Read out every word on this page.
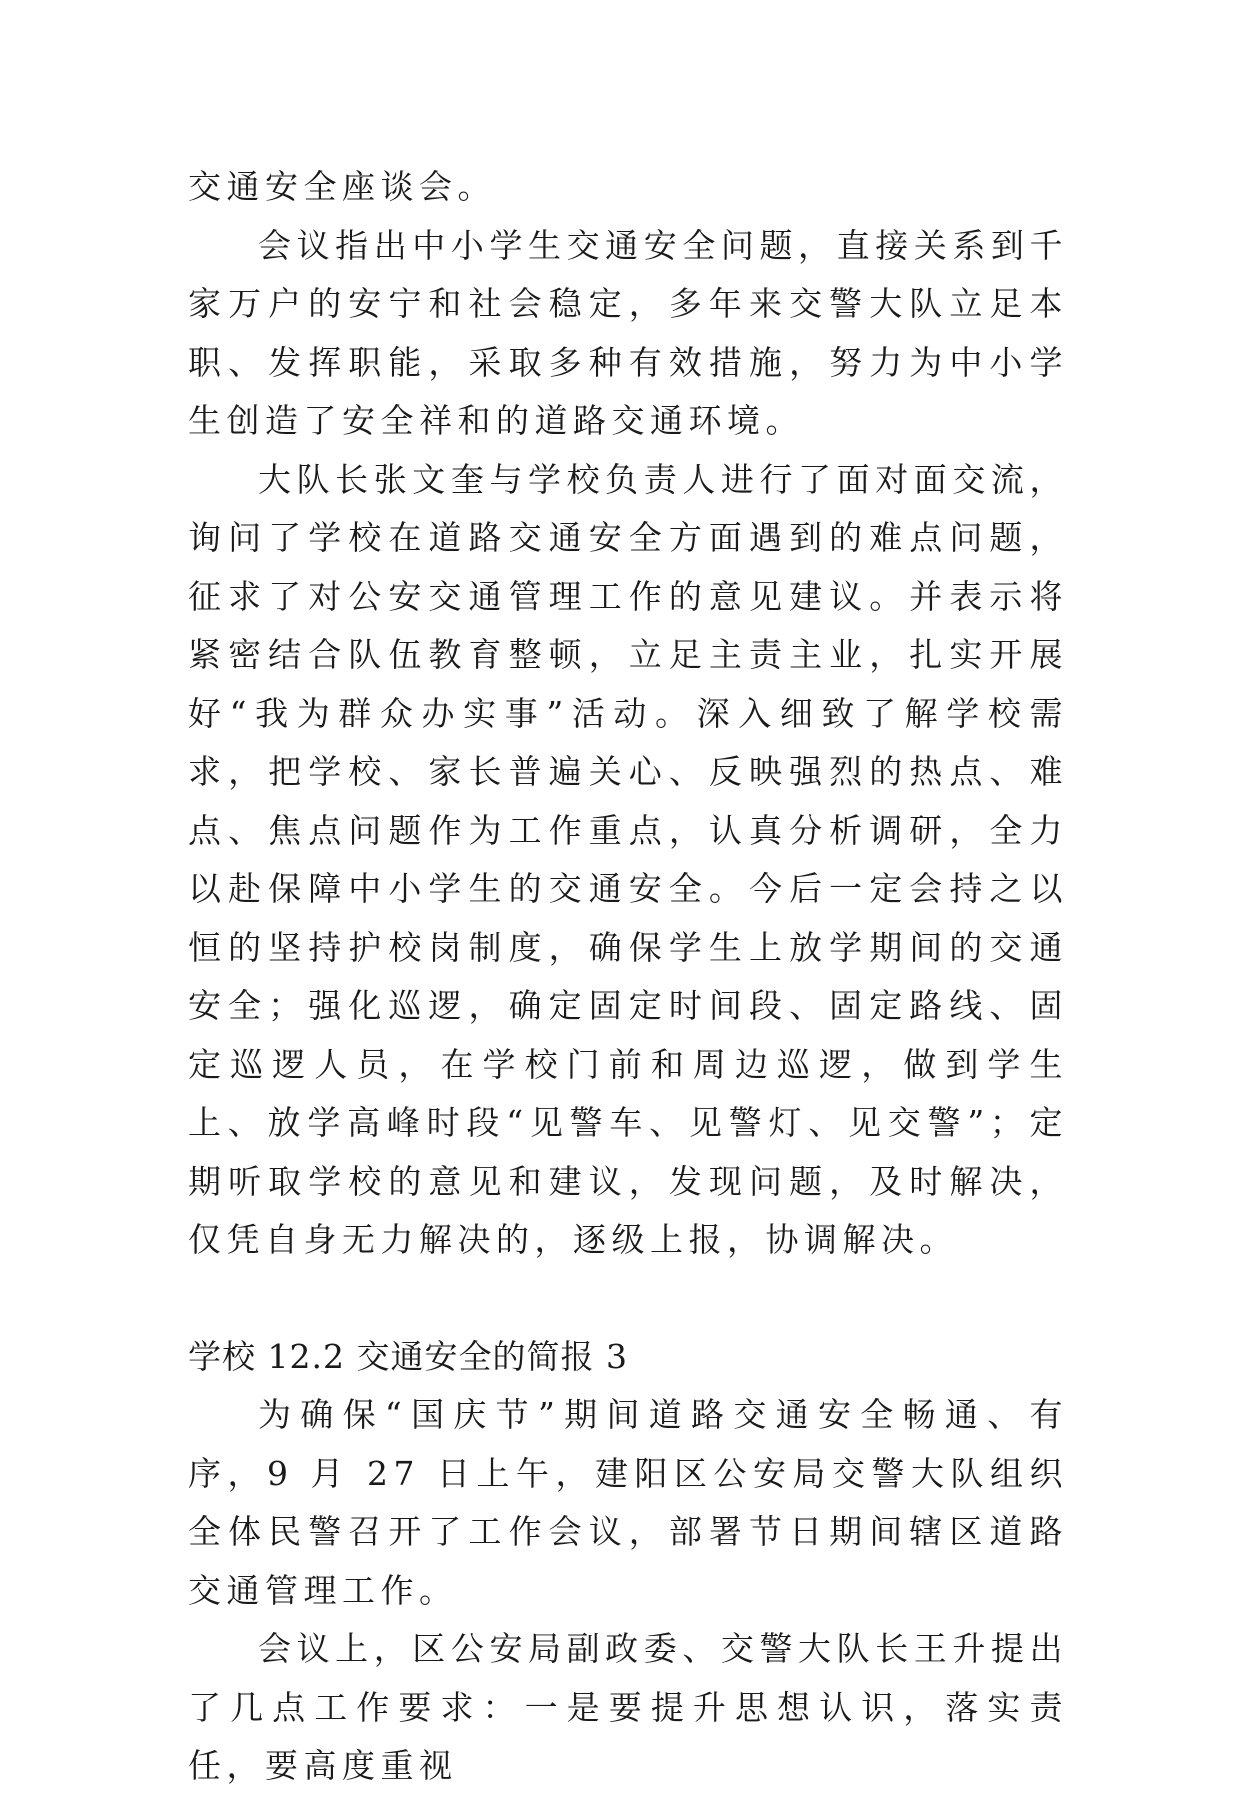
交通安全座谈会。

会议指出中小学生交通安全问题，直接关系到千家万户的安宁和社会稳定，多年来交警大队立足本职、发挥职能，采取多种有效措施，努力为中小学生创造了安全祥和的道路交通环境。

大队长张文奎与学校负责人进行了面对面交流，询问了学校在道路交通安全方面遇到的难点问题，征求了对公安交通管理工作的意见建议。并表示将紧密结合队伍教育整顿，立足主责主业，扎实开展好“我为群众办实事”活动。深入细致了解学校需求，把学校、家长普遍关心、反映强烈的热点、难点、焦点问题作为工作重点，认真分析调研，全力以赴保障中小学生的交通安全。今后一定会持之以恒的坚持护校岗制度，确保学生上放学期间的交通安全；强化巡逻，确定固定时间段、固定路线、固定巡逻人员，在学校门前和周边巡逻，做到学生上、放学高峰时段“见警车、见警灯、见交警”；定期听取学校的意见和建议，发现问题，及时解决，仅凭自身无力解决的，逐级上报，协调解决。

学校 12.2 交通安全的简报 3

为确保“国庆节”期间道路交通安全畅通、有序，9 月 27 日上午，建阳区公安局交警大队组织全体民警召开了工作会议，部署节日期间辖区道路交通管理工作。

会议上，区公安局副政委、交警大队长王升提出了几点工作要求：一是要提升思想认识，落实责任，要高度重视
